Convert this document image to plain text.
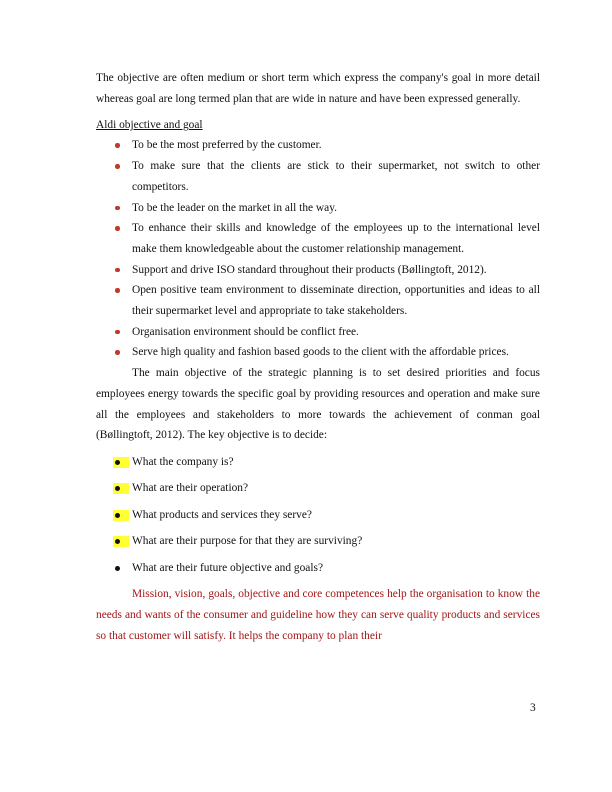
The objective are often medium or short term which express the company's goal in more detail whereas goal are long termed plan that are wide in nature and have been expressed generally.

Aldi objective and goal

To be the most preferred by the customer.
To make sure that the clients are stick to their supermarket, not switch to other competitors.
To be the leader on the market in all the way.
To enhance their skills and knowledge of the employees up to the international level make them knowledgeable about the customer relationship management.
Support and drive ISO standard throughout their products (Bøllingtoft, 2012).
Open positive team environment to disseminate direction, opportunities and ideas to all their supermarket level and appropriate to take stakeholders.
Organisation environment should be conflict free.
Serve high quality and fashion based goods to the client with the affordable prices.

The main objective of the strategic planning is to set desired priorities and focus employees energy towards the specific goal by providing resources and operation and make sure all the employees and stakeholders to more towards the achievement of conman goal (Bøllingtoft, 2012). The key objective is to decide:

What the company is?
What are their operation?
What products and services they serve?
What are their purpose for that they are surviving?
What are their future objective and goals?

Mission, vision, goals, objective and core competences help the organisation to know the needs and wants of the consumer and guideline how they can serve quality products and services so that customer will satisfy. It helps the company to plan their

3
